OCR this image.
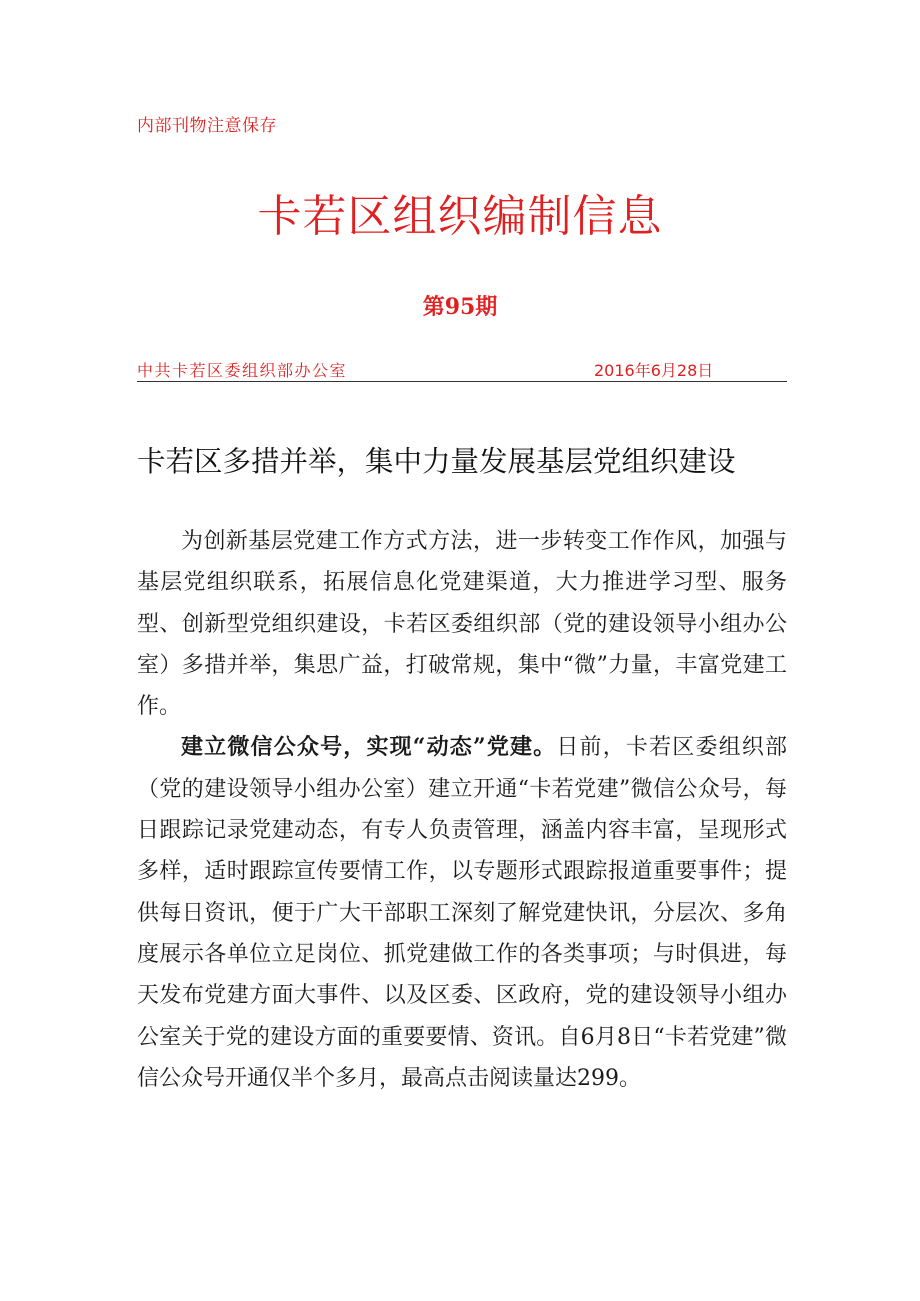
内部刊物注意保存
卡若区组织编制信息
第95期
中共卡若区委组织部办公室	2016年6月28日
卡若区多措并举，集中力量发展基层党组织建设

为创新基层党建工作方式方法，进一步转变工作作风，加强与基层党组织联系，拓展信息化党建渠道，大力推进学习型、服务型、创新型党组织建设，卡若区委组织部（党的建设领导小组办公室）多措并举，集思广益，打破常规，集中“微”力量，丰富党建工作。

建立微信公众号，实现“动态”党建。日前，卡若区委组织部（党的建设领导小组办公室）建立开通“卡若党建”微信公众号，每日跟踪记录党建动态，有专人负责管理，涵盖内容丰富，呈现形式多样，适时跟踪宣传要情工作，以专题形式跟踪报道重要事件；提供每日资讯，便于广大干部职工深刻了解党建快讯，分层次、多角度展示各单位立足岗位、抓党建做工作的各类事项；与时俱进，每天发布党建方面大事件、以及区委、区政府，党的建设领导小组办公室关于党的建设方面的重要要情、资讯。自6月8日“卡若党建”微信公众号开通仅半个多月，最高点击阅读量达299。
